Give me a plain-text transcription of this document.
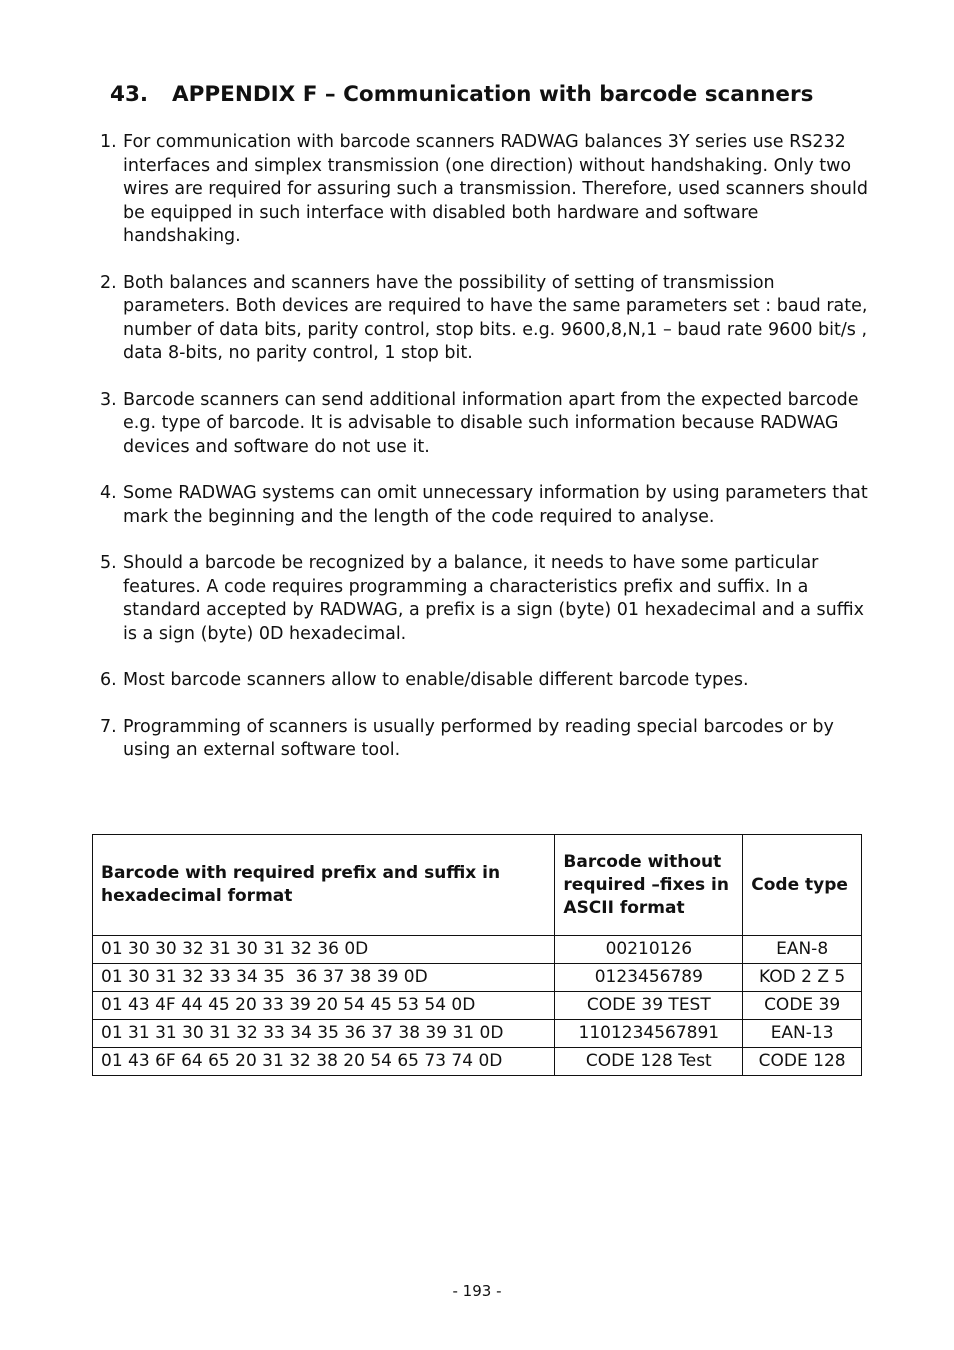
43. APPENDIX F – Communication with barcode scanners
1. For communication with barcode scanners RADWAG balances 3Y series use RS232 interfaces and simplex transmission (one direction) without handshaking. Only two wires are required for assuring such a transmission. Therefore, used scanners should be equipped in such interface with disabled both hardware and software handshaking.
2. Both balances and scanners have the possibility of setting of transmission parameters. Both devices are required to have the same parameters set : baud rate, number of data bits, parity control, stop bits. e.g. 9600,8,N,1 – baud rate 9600 bit/s , data 8-bits, no parity control, 1 stop bit.
3. Barcode scanners can send additional information apart from the expected barcode e.g. type of barcode. It is advisable to disable such information because RADWAG devices and software do not use it.
4. Some RADWAG systems can omit unnecessary information by using parameters that mark the beginning and the length of the code required to analyse.
5. Should a barcode be recognized by a balance, it needs to have some particular features. A code requires programming a characteristics prefix and suffix. In a standard accepted by RADWAG, a prefix is a sign (byte) 01 hexadecimal and a suffix is a sign (byte) 0D hexadecimal.
6. Most barcode scanners allow to enable/disable different barcode types.
7. Programming of scanners is usually performed by reading special barcodes or by using an external software tool.
Barcode with required prefix and suffix in hexadecimal format	Barcode without required –fixes in ASCII format	Code type
01 30 30 32 31 30 31 32 36 0D	00210126	EAN-8
01 30 31 32 33 34 35  36 37 38 39 0D	0123456789	KOD 2 Z 5
01 43 4F 44 45 20 33 39 20 54 45 53 54 0D	CODE 39 TEST	CODE 39
01 31 31 30 31 32 33 34 35 36 37 38 39 31 0D	1101234567891	EAN-13
01 43 6F 64 65 20 31 32 38 20 54 65 73 74 0D	CODE 128 Test	CODE 128
- 193 -
